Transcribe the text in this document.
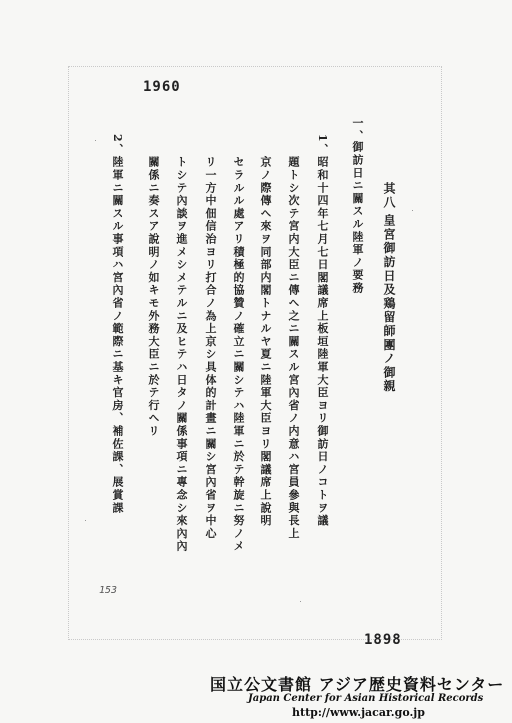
1960
其八
皇宮御訪日及鶏留師團ノ御親
一、
御訪日ニ關スル陸軍ノ要務
1、
昭和十四年七月七日閣議席上板垣陸軍大臣ヨリ御訪日ノコトヲ議
題トシ次テ宮内大臣ニ傳ヘ之ニ關スル宮內省ノ内意ハ宮員參與長上
京ノ際傳ヘ來ヲ同部内閣トナルヤ夏ニ陸軍大臣ヨリ閣議席上說明
セラルル處アリ積極的協贊ノ確立ニ關シテハ陸軍ニ於テ幹旋ニ努ノメ
リ一方中佃信治ヨリ打合ノ為上京シ具体的計畫ニ關シ宮內省ヲ中心
トシテ內談ヲ進メシメテルニ及ヒテハ日タノ關係事項ニ專念シ來內內
關係ニ奏スア說明ノ如キモ外務大臣ニ於テ行ヘリ
2、
陸軍ニ關スル事項ハ宮內省ノ範際ニ基キ官房、補佐課、展賞課
153
1898
国立公文書館 アジア歴史資料センター
Japan Center for Asian Historical Records
http://www.jacar.go.jp
